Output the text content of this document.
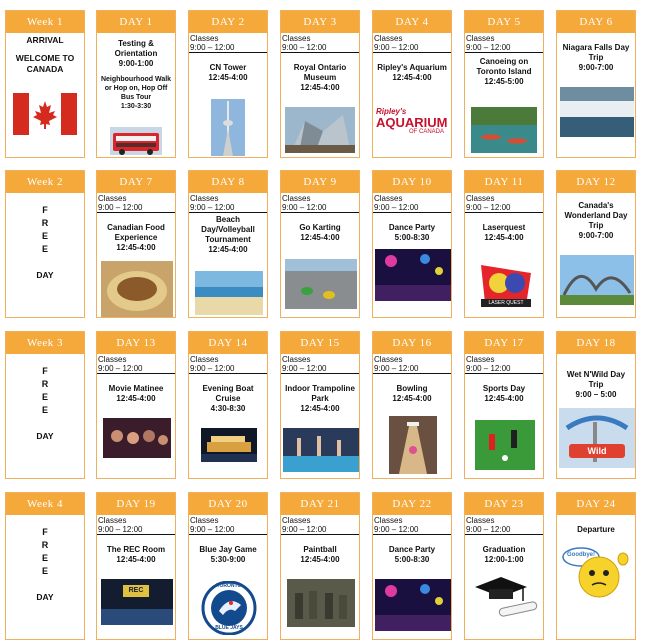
Week 1
ARRIVAL
WELCOME TO CANADA
DAY 1
Testing & Orientation
9:00-1:00
Neighbourhood Walk or Hop on, Hop Off Bus Tour
1:30-3:30
DAY 2
Classes
9:00 – 12:00
CN Tower
12:45-4:00
DAY 3
Classes
9:00 – 12:00
Royal Ontario Museum
12:45-4:00
DAY 4
Classes
9:00 – 12:00
Ripley's Aquarium
12:45-4:00
Ripley's
AQUARIUM
OF CANADA
DAY 5
Classes
9:00 – 12:00
Canoeing on Toronto Island
12:45-5:00
DAY 6
Niagara Falls Day Trip
9:00-7:00
Week 2
F
R
E
E
DAY
DAY 7
Classes
9:00 – 12:00
Canadian Food Experience
12:45-4:00
DAY 8
Classes
9:00 – 12:00
Beach Day/Volleyball Tournament
12:45-4:00
DAY 9
Classes
9:00 – 12:00
Go Karting
12:45-4:00
DAY 10
Classes
9:00 – 12:00
Dance Party
5:00-8:30
DAY 11
Classes
9:00 – 12:00
Laserquest
12:45-4:00
LASER QUEST
DAY 12
Canada's Wonderland Day Trip
9:00-7:00
Week 3
F
R
E
E
DAY
DAY 13
Classes
9:00 – 12:00
Movie Matinee
12:45-4:00
DAY 14
Classes
9:00 – 12:00
Evening Boat Cruise
4:30-8:30
DAY 15
Classes
9:00 – 12:00
Indoor Trampoline Park
12:45-4:00
DAY 16
Classes
9:00 – 12:00
Bowling
12:45-4:00
DAY 17
Classes
9:00 – 12:00
Sports Day
12:45-4:00
DAY 18
Wet N'Wild Day Trip
9:00 – 5:00
Wild
Week 4
F
R
E
E
DAY
DAY 19
Classes
9:00 – 12:00
The REC Room
12:45-4:00
REC
DAY 20
Classes
9:00 – 12:00
Blue Jay Game
5:30-9:00
TORONTO
BLUE JAYS
DAY 21
Classes
9:00 – 12:00
Paintball
12:45-4:00
DAY 22
Classes
9:00 – 12:00
Dance Party
5:00-8:30
DAY 23
Classes
9:00 – 12:00
Graduation
12:00-1:00
DAY 24
Departure
Goodbye!
